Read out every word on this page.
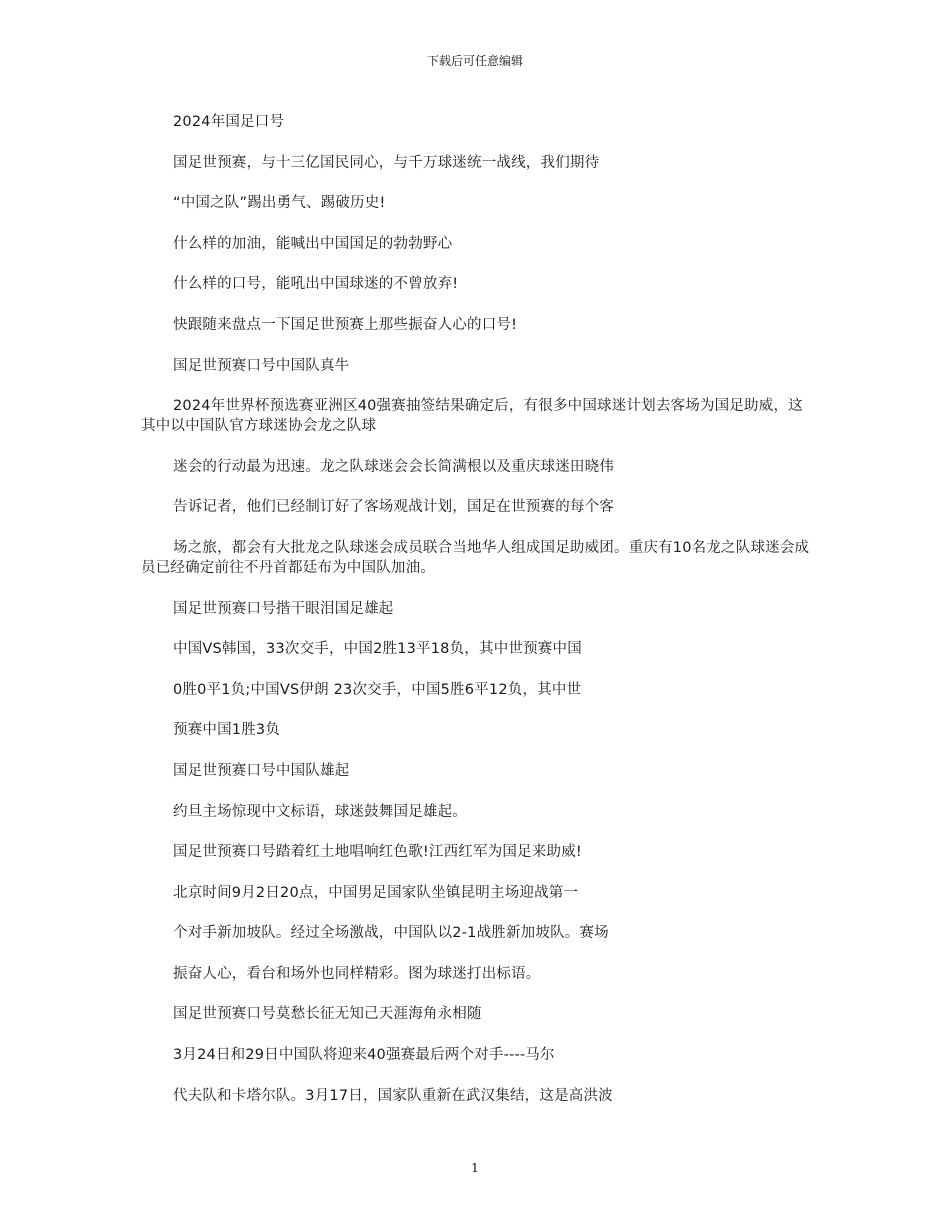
下载后可任意编辑

2024年国足口号

国足世预赛，与十三亿国民同心，与千万球迷统一战线，我们期待

“中国之队”踢出勇气、踢破历史!

什么样的加油，能喊出中国国足的勃勃野心

什么样的口号，能吼出中国球迷的不曾放弃!

快跟随来盘点一下国足世预赛上那些振奋人心的口号!

国足世预赛口号中国队真牛

2024年世界杯预选赛亚洲区40强赛抽签结果确定后，有很多中国球迷计划去客场为国足助威，这其中以中国队官方球迷协会龙之队球

迷会的行动最为迅速。龙之队球迷会会长简满根以及重庆球迷田晓伟

告诉记者，他们已经制订好了客场观战计划，国足在世预赛的每个客

场之旅，都会有大批龙之队球迷会成员联合当地华人组成国足助威团。重庆有10名龙之队球迷会成员已经确定前往不丹首都廷布为中国队加油。

国足世预赛口号揩干眼泪国足雄起

中国VS韩国，33次交手，中国2胜13平18负，其中世预赛中国

0胜0平1负;中国VS伊朗 23次交手，中国5胜6平12负，其中世

预赛中国1胜3负

国足世预赛口号中国队雄起

约旦主场惊现中文标语，球迷鼓舞国足雄起。

国足世预赛口号踏着红土地唱响红色歌!江西红军为国足来助威!

北京时间9月2日20点，中国男足国家队坐镇昆明主场迎战第一

个对手新加坡队。经过全场激战，中国队以2-1战胜新加坡队。赛场

振奋人心，看台和场外也同样精彩。图为球迷打出标语。

国足世预赛口号莫愁长征无知己天涯海角永相随

3月24日和29日中国队将迎来40强赛最后两个对手----马尔

代夫队和卡塔尔队。3月17日，国家队重新在武汉集结，这是高洪波

1
